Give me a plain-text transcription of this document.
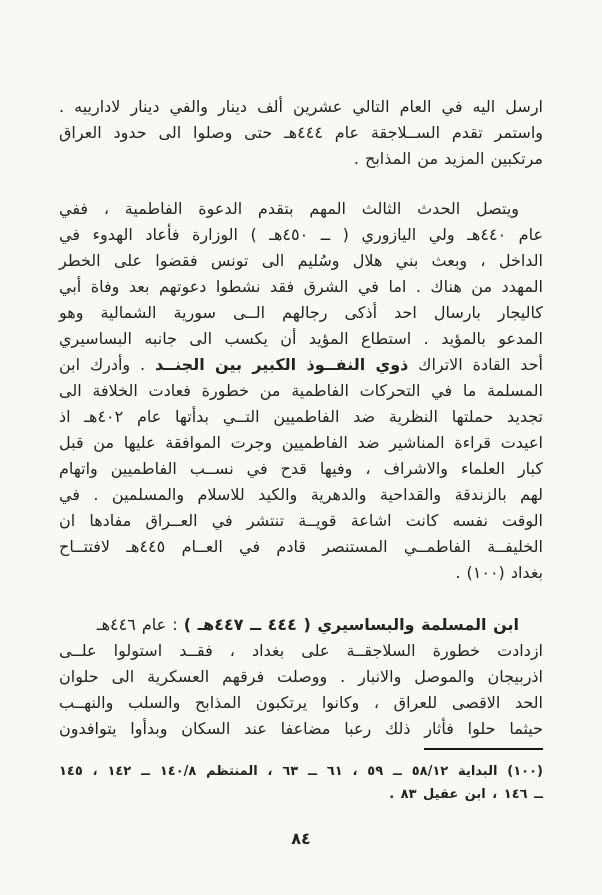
ارسل اليه في العام التالي عشرين ألف دينار والفي دينار لادارييه .
واستمر تقدم الســلاجقة عام ٤٤٤هـ حتى وصلوا الى حدود العراق
مرتكبين المزيد من المذابح .
ويتصل الحدث الثالث المهم بتقدم الدعوة الفاطمية ، ففي
عام ٤٤٠هـ ولي اليازوري ( ــ ٤٥٠هـ ) الوزارة فأعاد الهدوء في
الداخل ، وبعث بني هلال وسُليم الى تونس فقضوا على الخطر
المهدد من هناك . اما في الشرق فقد نشطوا دعوتهم بعد وفاة أبي
كاليجار بارسال احد أذكى رجالهم الــى سورية الشمالية وهو
المدعو بالمؤيد . استطاع المؤيد أن يكسب الى جانبه البساسيري
أحد القادة الاتراك ذوي النفــوذ الكبير بين الجنــد . وأدرك ابن
المسلمة ما في التحركات الفاطمية من خطورة فعادت الخلافة الى
تجديد حملتها النظرية ضد الفاطميين التــي بدأتها عام ٤٠٢هـ اذ
اعيدت قراءة المناشير ضد الفاطميين وجرت الموافقة عليها من قبل
كبار العلماء والاشراف ، وفيها قدح في نســب الفاطميين واتهام
لهم بالزندقة والقداحية والدهرية والكيد للاسلام والمسلمين . في
الوقت نفسه كانت اشاعة قويــة تنتشر في العــراق مفادها ان
الخليفــة الفاطمــي المستنصر قادم في العــام ٤٤٥هـ لافتتــاح
بغداد (١٠٠) .
ابن المسلمة والبساسيري ( ٤٤٤ ــ ٤٤٧هـ ) : عام ٤٤٦هـ
ازدادت خطورة السلاجقــة على بغداد ، فقــد استولوا علــى
اذربيجان والموصل والانبار . ووصلت فرقهم العسكرية الى حلوان
الحد الاقصى للعراق ، وكانوا يرتكبون المذابح والسلب والنهــب
حيثما حلوا فأثار ذلك رعبا مضاعفا عند السكان وبدأوا يتوافدون
(١٠٠) البداية ٥٨/١٢ ــ ٥٩ ، ٦١ ــ ٦٣ ، المنتظم ١٤٠/٨ ــ ١٤٢ ، ١٤٥
ــ ١٤٦ ، ابن عقيل ٨٣ .
٨٤
